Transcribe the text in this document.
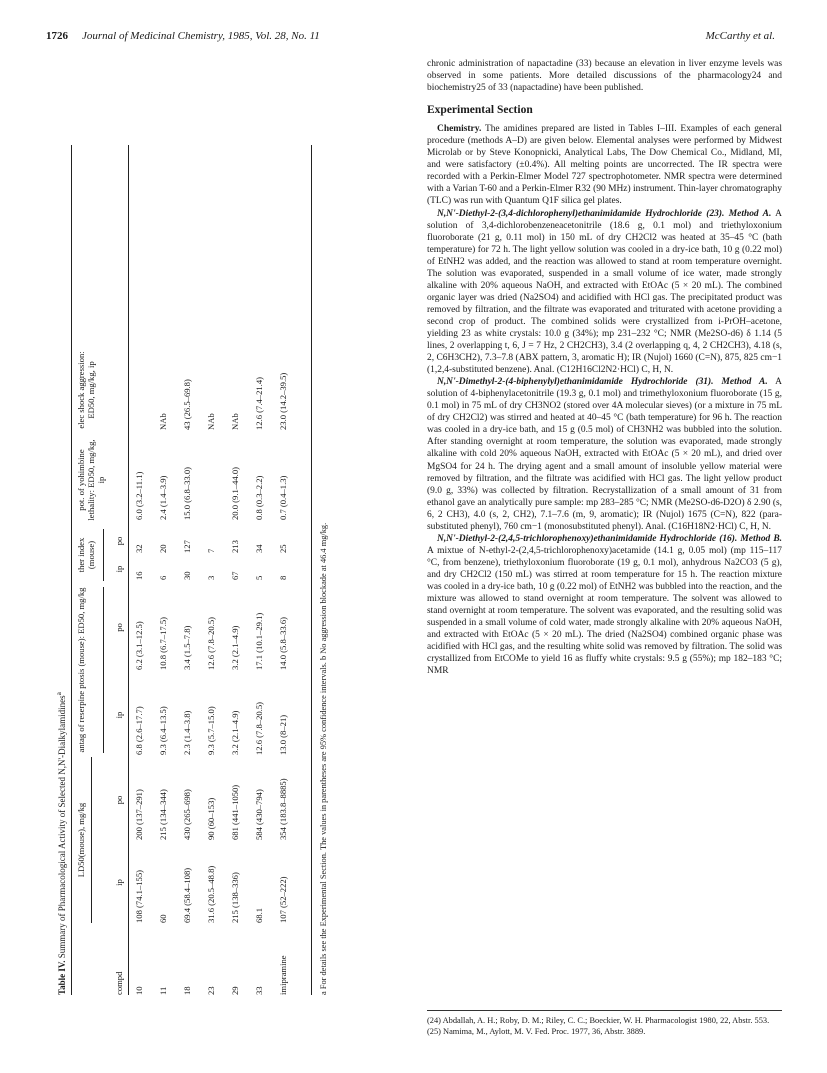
1726 Journal of Medicinal Chemistry, 1985, Vol. 28, No. 11	McCarthy et al.
Table IV. Summary of Pharmacological Activity of Selected N,N'-Dialkylamidines$^a$
compd
LD50(mouse), mg/kg
ip
po
antag of reserpine ptosis (mouse): ED50, mg/kg	ip
po
ther index (mouse) ip
po
pot. of yohimbine lethality: ED50, mg/kg, ip
elec shock aggression: ED50, mg/kg, ip
10
108 (74.1–155)
200 (137–291)
6.8 (2.6–17.7)
6.2 (3.1–12.5)
16
32
6.0 (3.2–11.1)
11
60
215 (134–344)
9.3 (6.4–13.5)
10.8 (6.7–17.5)
6
20
2.4 (1.4–3.9)
NAb
18
69.4 (58.4–108)
430 (265–698)
2.3 (1.4–3.8)
3.4 (1.5–7.8)
30
127
15.0 (6.8–33.0)
43 (26.5–69.8)
23
31.6 (20.5–48.8)
90 (60–153)
9.3 (5.7–15.0)
12.6 (7.8–20.5)
3
7
NAb
29
215 (138–336)
681 (441–1050)
3.2 (2.1–4.9)
3.2 (2.1–4.9)
67
213
20.0 (9.1–44.0)
NAb
33
68.1
584 (430–794)
12.6 (7.8–20.5)
17.1 (10.1–29.1)
5
34
0.8 (0.3–2.2)
12.6 (7.4–21.4)
imipramine
107 (52–222)
354 (183.8–8885)
13.0 (8–21)
14.0 (5.8–33.6)
8
25
0.7 (0.4–1.3)
23.0 (14.2–39.5)
a For details see the Experimental Section. The values in parentheses are 95% confidence intervals. b No aggression blockade at 46.4 mg/kg.

chronic administration of napactadine (33) because an elevation in liver enzyme levels was observed in some patients. More detailed discussions of the pharmacology24 and biochemistry25 of 33 (napactadine) have been published.

Experimental Section

Chemistry. The amidines prepared are listed in Tables I–III. Examples of each general procedure (methods A–D) are given below. Elemental analyses were performed by Midwest Microlab or by Steve Konopnicki, Analytical Labs, The Dow Chemical Co., Midland, MI, and were satisfactory (±0.4%). All melting points are uncorrected. The IR spectra were recorded with a Perkin-Elmer Model 727 spectrophotometer. NMR spectra were determined with a Varian T-60 and a Perkin-Elmer R32 (90 MHz) instrument. Thin-layer chromatography (TLC) was run with Quantum Q1F silica gel plates.

N,N'-Diethyl-2-(3,4-dichlorophenyl)ethanimidamide Hydrochloride (23). Method A. A solution of 3,4-dichlorobenzeneacetonitrile (18.6 g, 0.1 mol) and triethyloxonium fluoroborate (21 g, 0.11 mol) in 150 mL of dry CH2Cl2 was heated at 35–45 °C (bath temperature) for 72 h. The light yellow solution was cooled in a dry-ice bath, 10 g (0.22 mol) of EtNH2 was added, and the reaction was allowed to stand at room temperature overnight. The solution was evaporated, suspended in a small volume of ice water, made strongly alkaline with 20% aqueous NaOH, and extracted with EtOAc (5 × 20 mL). The combined organic layer was dried (Na2SO4) and acidified with HCl gas. The precipitated product was removed by filtration, and the filtrate was evaporated and triturated with acetone providing a second crop of product. The combined solids were crystallized from i-PrOH–acetone, yielding 23 as white crystals: 10.0 g (34%); mp 231–232 °C; NMR (Me2SO-d6) δ 1.14 (5 lines, 2 overlapping t, 6, J = 7 Hz, 2 CH2CH3), 3.4 (2 overlapping q, 4, 2 CH2CH3), 4.18 (s, 2, C6H3CH2), 7.3–7.8 (ABX pattern, 3, aromatic H); IR (Nujol) 1660 (C=N), 875, 825 cm−1 (1,2,4-substituted benzene). Anal. (C12H16Cl2N2·HCl) C, H, N.

N,N'-Dimethyl-2-(4-biphenylyl)ethanimidamide Hydrochloride (31). Method A. A solution of 4-biphenylacetonitrile (19.3 g, 0.1 mol) and trimethyloxonium fluoroborate (15 g, 0.1 mol) in 75 mL of dry CH3NO2 (stored over 4A molecular sieves) (or a mixture in 75 mL of dry CH2Cl2) was stirred and heated at 40–45 °C (bath temperature) for 96 h. The reaction was cooled in a dry-ice bath, and 15 g (0.5 mol) of CH3NH2 was bubbled into the solution. After standing overnight at room temperature, the solution was evaporated, made strongly alkaline with cold 20% aqueous NaOH, extracted with EtOAc (5 × 20 mL), and dried over MgSO4 for 24 h. The drying agent and a small amount of insoluble yellow material were removed by filtration, and the filtrate was acidified with HCl gas. The light yellow product (9.0 g, 33%) was collected by filtration. Recrystallization of a small amount of 31 from ethanol gave an analytically pure sample: mp 283–285 °C; NMR (Me2SO-d6-D2O) δ 2.90 (s, 6, 2 CH3), 4.0 (s, 2, CH2), 7.1–7.6 (m, 9, aromatic); IR (Nujol) 1675 (C=N), 822 (para-substituted phenyl), 760 cm−1 (monosubstituted phenyl). Anal. (C16H18N2·HCl) C, H, N.

N,N'-Diethyl-2-(2,4,5-trichlorophenoxy)ethanimidamide Hydrochloride (16). Method B. A mixtue of N-ethyl-2-(2,4,5-trichlorophenoxy)acetamide (14.1 g, 0.05 mol) (mp 115–117 °C, from benzene), triethyloxonium fluoroborate (19 g, 0.1 mol), anhydrous Na2CO3 (5 g), and dry CH2Cl2 (150 mL) was stirred at room temperature for 15 h. The reaction mixture was cooled in a dry-ice bath, 10 g (0.22 mol) of EtNH2 was bubbled into the reaction, and the mixture was allowed to stand overnight at room temperature. The solvent was allowed to stand overnight at room temperature. The solvent was evaporated, and the resulting solid was suspended in a small volume of cold water, made strongly alkaline with 20% aqueous NaOH, and extracted with EtOAc (5 × 20 mL). The dried (Na2SO4) combined organic phase was acidified with HCl gas, and the resulting white solid was removed by filtration. The solid was crystallized from EtCOMe to yield 16 as fluffy white crystals: 9.5 g (55%); mp 182–183 °C; NMR

(24) Abdallah, A. H.; Roby, D. M.; Riley, C. C.; Boeckier, W. H. Pharmacologist 1980, 22, Abstr. 553.
(25) Namima, M., Aylott, M. V. Fed. Proc. 1977, 36, Abstr. 3889.
